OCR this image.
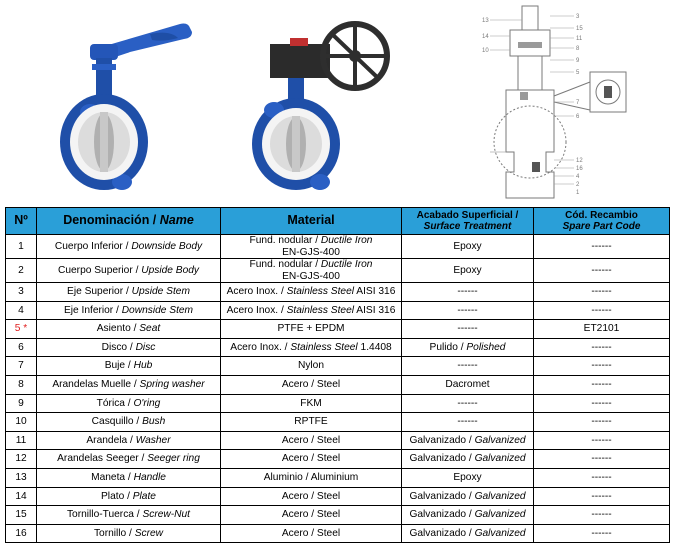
13
14
10
3
15
11
8
9
5
7
6
12
16
4
2
1
Nº	Denominación / Name	Material	Acabado Superficial /
Surface Treatment	Cód. Recambio
Spare Part Code

1	Cuerpo Inferior / Downside Body	Fund. nodular / Ductile Iron
EN-GJS-400	Epoxy	------
2	Cuerpo Superior / Upside Body	Fund. nodular / Ductile Iron
EN-GJS-400	Epoxy	------
3	Eje Superior / Upside Stem	Acero Inox. / Stainless Steel AISI 316	------	------
4	Eje Inferior / Downside Stem	Acero Inox. / Stainless Steel AISI 316	------	------
5 *	Asiento / Seat	PTFE + EPDM	------	ET2101
6	Disco / Disc	Acero Inox. / Stainless Steel 1.4408	Pulido / Polished	------
7	Buje / Hub	Nylon	------	------
8	Arandelas Muelle / Spring washer	Acero / Steel	Dacromet	------
9	Tórica / O'ring	FKM	------	------
10	Casquillo / Bush	RPTFE	------	------
11	Arandela / Washer	Acero / Steel	Galvanizado / Galvanized	------
12	Arandelas Seeger / Seeger ring	Acero / Steel	Galvanizado / Galvanized	------
13	Maneta / Handle	Aluminio / Aluminium	Epoxy	------
14	Plato / Plate	Acero / Steel	Galvanizado / Galvanized	------
15	Tornillo-Tuerca / Screw-Nut	Acero / Steel	Galvanizado / Galvanized	------
16	Tornillo / Screw	Acero / Steel	Galvanizado / Galvanized	------
